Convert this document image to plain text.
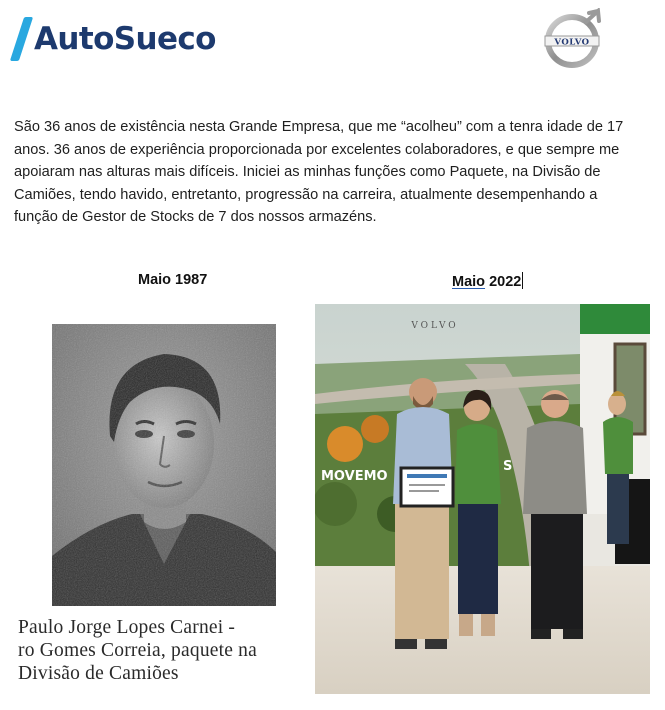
AutoSueco	VOLVO
São 36 anos de existência nesta Grande Empresa, que me “acolheu” com a tenra idade de 17 anos. 36 anos de experiência proporcionada por excelentes colaboradores, e que sempre me apoiaram nas alturas mais difíceis. Iniciei as minhas funções como Paquete, na Divisão de Camiões, tendo havido, entretanto, progressão na carreira, atualmente desempenhando a função de Gestor de Stocks de 7 dos nossos armazéns.
Maio 1987	Maio 2022
Paulo Jorge Lopes Carnei -
ro Gomes Correia, paquete na
Divisão de Camiões
VOLVO
MOVEMO
S
